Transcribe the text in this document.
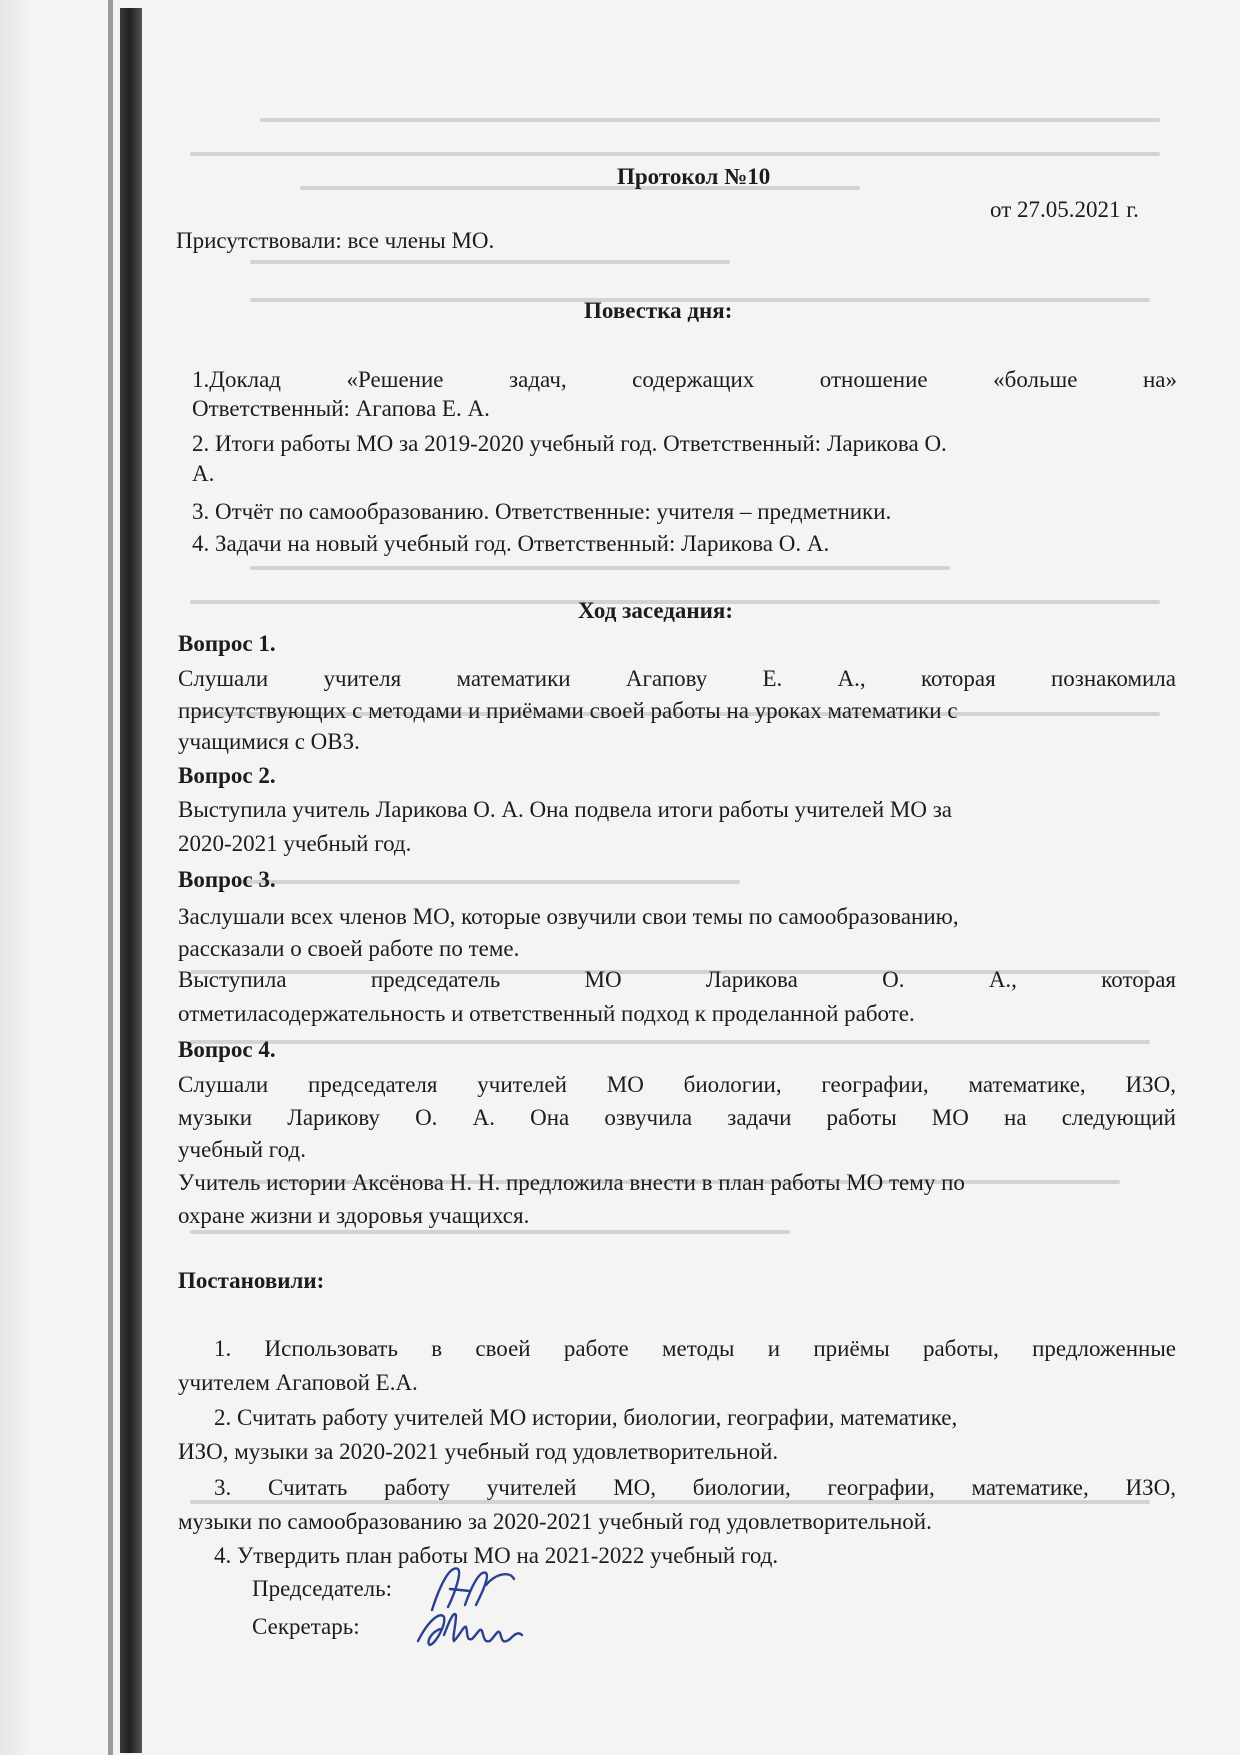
Протокол №10
от 27.05.2021 г.
Присутствовали: все члены МО.
Повестка дня:
1.Доклад «Решение задач, содержащих отношение «больше на»
Ответственный: Агапова Е. А.
2. Итоги работы МО за 2019-2020 учебный год. Ответственный: Ларикова О.
А.
3. Отчёт по самообразованию. Ответственные: учителя – предметники.
4. Задачи на новый учебный год. Ответственный: Ларикова О. А.
Ход заседания:
Вопрос 1.
Слушали учителя математики Агапову Е. А., которая познакомила
присутствующих с методами и приёмами своей работы на уроках математики с
учащимися с ОВЗ.
Вопрос 2.
Выступила учитель Ларикова О. А. Она подвела итоги работы учителей МО за
2020-2021 учебный год.
Вопрос 3.
Заслушали всех членов МО, которые озвучили свои темы по самообразованию,
рассказали о своей работе по теме.
Выступила председатель МО Ларикова О. А., которая
отметиласодержательность и ответственный подход к проделанной работе.
Вопрос 4.
Слушали председателя учителей МО биологии, географии, математике, ИЗО,
музыки Ларикову О. А. Она озвучила задачи работы МО на следующий
учебный год.
Учитель истории Аксёнова Н. Н. предложила внести в план работы МО тему по
охране жизни и здоровья учащихся.
Постановили:
1. Использовать в своей работе методы и приёмы работы, предложенные
учителем Агаповой Е.А.
2. Считать работу учителей МО истории, биологии, географии, математике,
ИЗО, музыки за 2020-2021 учебный год удовлетворительной.
3. Считать работу учителей МО, биологии, географии, математике, ИЗО,
музыки по самообразованию за 2020-2021 учебный год удовлетворительной.
4. Утвердить план работы МО на 2021-2022 учебный год.
Председатель:
Секретарь:
